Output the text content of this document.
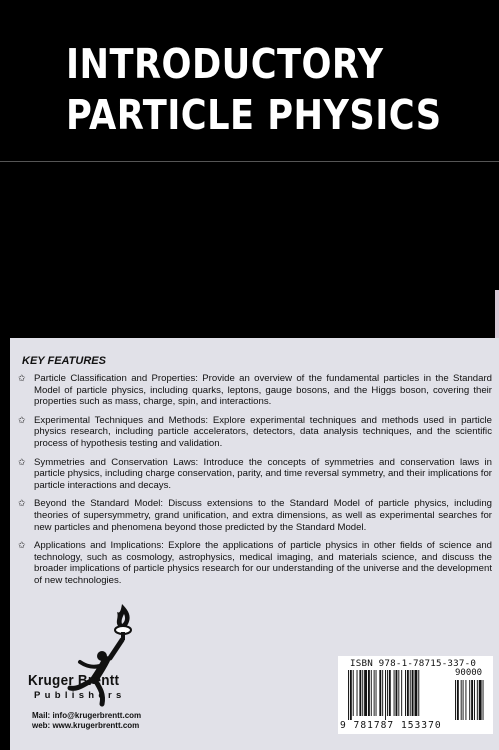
INTRODUCTORY
PARTICLE PHYSICS
KEY FEATURES
✩ Particle Classification and Properties: Provide an overview of the fundamental particles in the Standard Model of particle physics, including quarks, leptons, gauge bosons, and the Higgs boson, covering their properties such as mass, charge, spin, and interactions.
✩ Experimental Techniques and Methods: Explore experimental techniques and methods used in particle physics research, including particle accelerators, detectors, data analysis techniques, and the scientific process of hypothesis testing and validation.
✩ Symmetries and Conservation Laws: Introduce the concepts of symmetries and conservation laws in particle physics, including charge conservation, parity, and time reversal symmetry, and their implications for particle interactions and decays.
✩ Beyond the Standard Model: Discuss extensions to the Standard Model of particle physics, including theories of supersymmetry, grand unification, and extra dimensions, as well as experimental searches for new particles and phenomena beyond those predicted by the Standard Model.
✩ Applications and Implications: Explore the applications of particle physics in other fields of science and technology, such as cosmology, astrophysics, medical imaging, and materials science, and discuss the broader implications of particle physics research for our understanding of the universe and the development of new technologies.
Kruger Brentt
Publishers
Mail: info@krugerbrentt.com
web: www.krugerbrentt.com
ISBN 978-1-78715-337-0
90000
9 781787 153370
